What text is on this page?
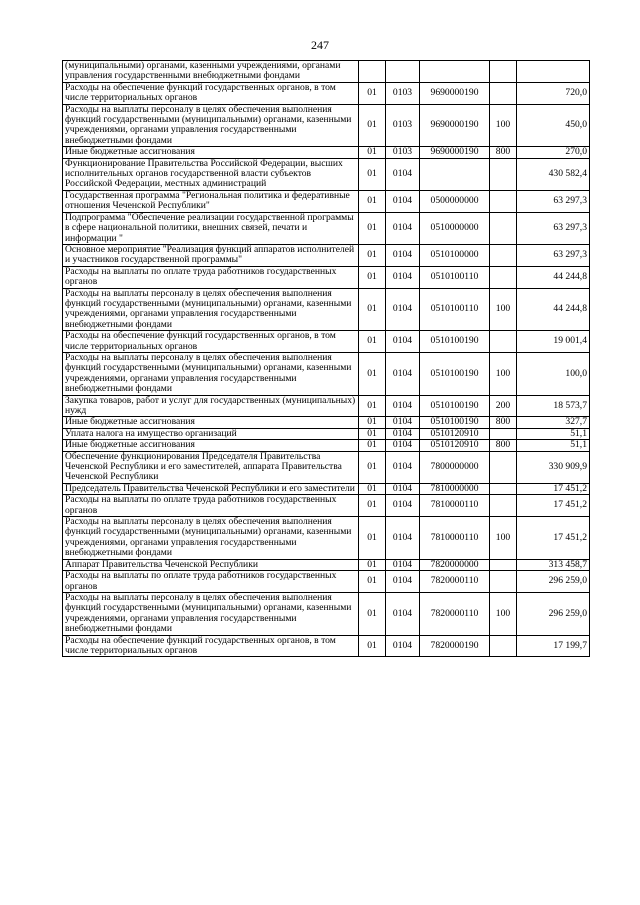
247
(муниципальными) органами, казенными учреждениями, органами управления государственными внебюджетными фондами					
Расходы на обеспечение функций государственных органов, в том числе территориальных органов	01	0103	9690000190		720,0
Расходы на выплаты персоналу в целях обеспечения выполнения функций государственными (муниципальными) органами, казенными учреждениями, органами управления государственными внебюджетными фондами	01	0103	9690000190	100	450,0
Иные бюджетные ассигнования	01	0103	9690000190	800	270,0
Функционирование Правительства Российской Федерации, высших исполнительных органов государственной власти субъектов Российской Федерации, местных администраций	01	0104			430 582,4
Государственная программа "Региональная политика и федеративные отношения Чеченской Республики"	01	0104	0500000000		63 297,3
Подпрограмма "Обеспечение реализации государственной программы в сфере национальной политики, внешних связей, печати и информации "	01	0104	0510000000		63 297,3
Основное мероприятие "Реализация функций аппаратов исполнителей и участников государственной программы"	01	0104	0510100000		63 297,3
Расходы на выплаты по оплате труда работников государственных органов	01	0104	0510100110		44 244,8
Расходы на выплаты персоналу в целях обеспечения выполнения функций государственными (муниципальными) органами, казенными учреждениями, органами управления государственными внебюджетными фондами	01	0104	0510100110	100	44 244,8
Расходы на обеспечение функций государственных органов, в том числе территориальных органов	01	0104	0510100190		19 001,4
Расходы на выплаты персоналу в целях обеспечения выполнения функций государственными (муниципальными) органами, казенными учреждениями, органами управления государственными внебюджетными фондами	01	0104	0510100190	100	100,0
Закупка товаров, работ и услуг для государственных (муниципальных) нужд	01	0104	0510100190	200	18 573,7
Иные бюджетные ассигнования	01	0104	0510100190	800	327,7
Уплата налога на имущество организаций	01	0104	0510120910		51,1
Иные бюджетные ассигнования	01	0104	0510120910	800	51,1
Обеспечение функционирования Председателя Правительства Чеченской Республики и его заместителей, аппарата Правительства Чеченской Республики	01	0104	7800000000		330 909,9
Председатель Правительства Чеченской Республики и его заместители	01	0104	7810000000		17 451,2
Расходы на выплаты по оплате труда работников государственных органов	01	0104	7810000110		17 451,2
Расходы на выплаты персоналу в целях обеспечения выполнения функций государственными (муниципальными) органами, казенными учреждениями, органами управления государственными внебюджетными фондами	01	0104	7810000110	100	17 451,2
Аппарат Правительства Чеченской Республики	01	0104	7820000000		313 458,7
Расходы на выплаты по оплате труда работников государственных органов	01	0104	7820000110		296 259,0
Расходы на выплаты персоналу в целях обеспечения выполнения функций государственными (муниципальными) органами, казенными учреждениями, органами управления государственными внебюджетными фондами	01	0104	7820000110	100	296 259,0
Расходы на обеспечение функций государственных органов, в том числе территориальных органов	01	0104	7820000190		17 199,7
